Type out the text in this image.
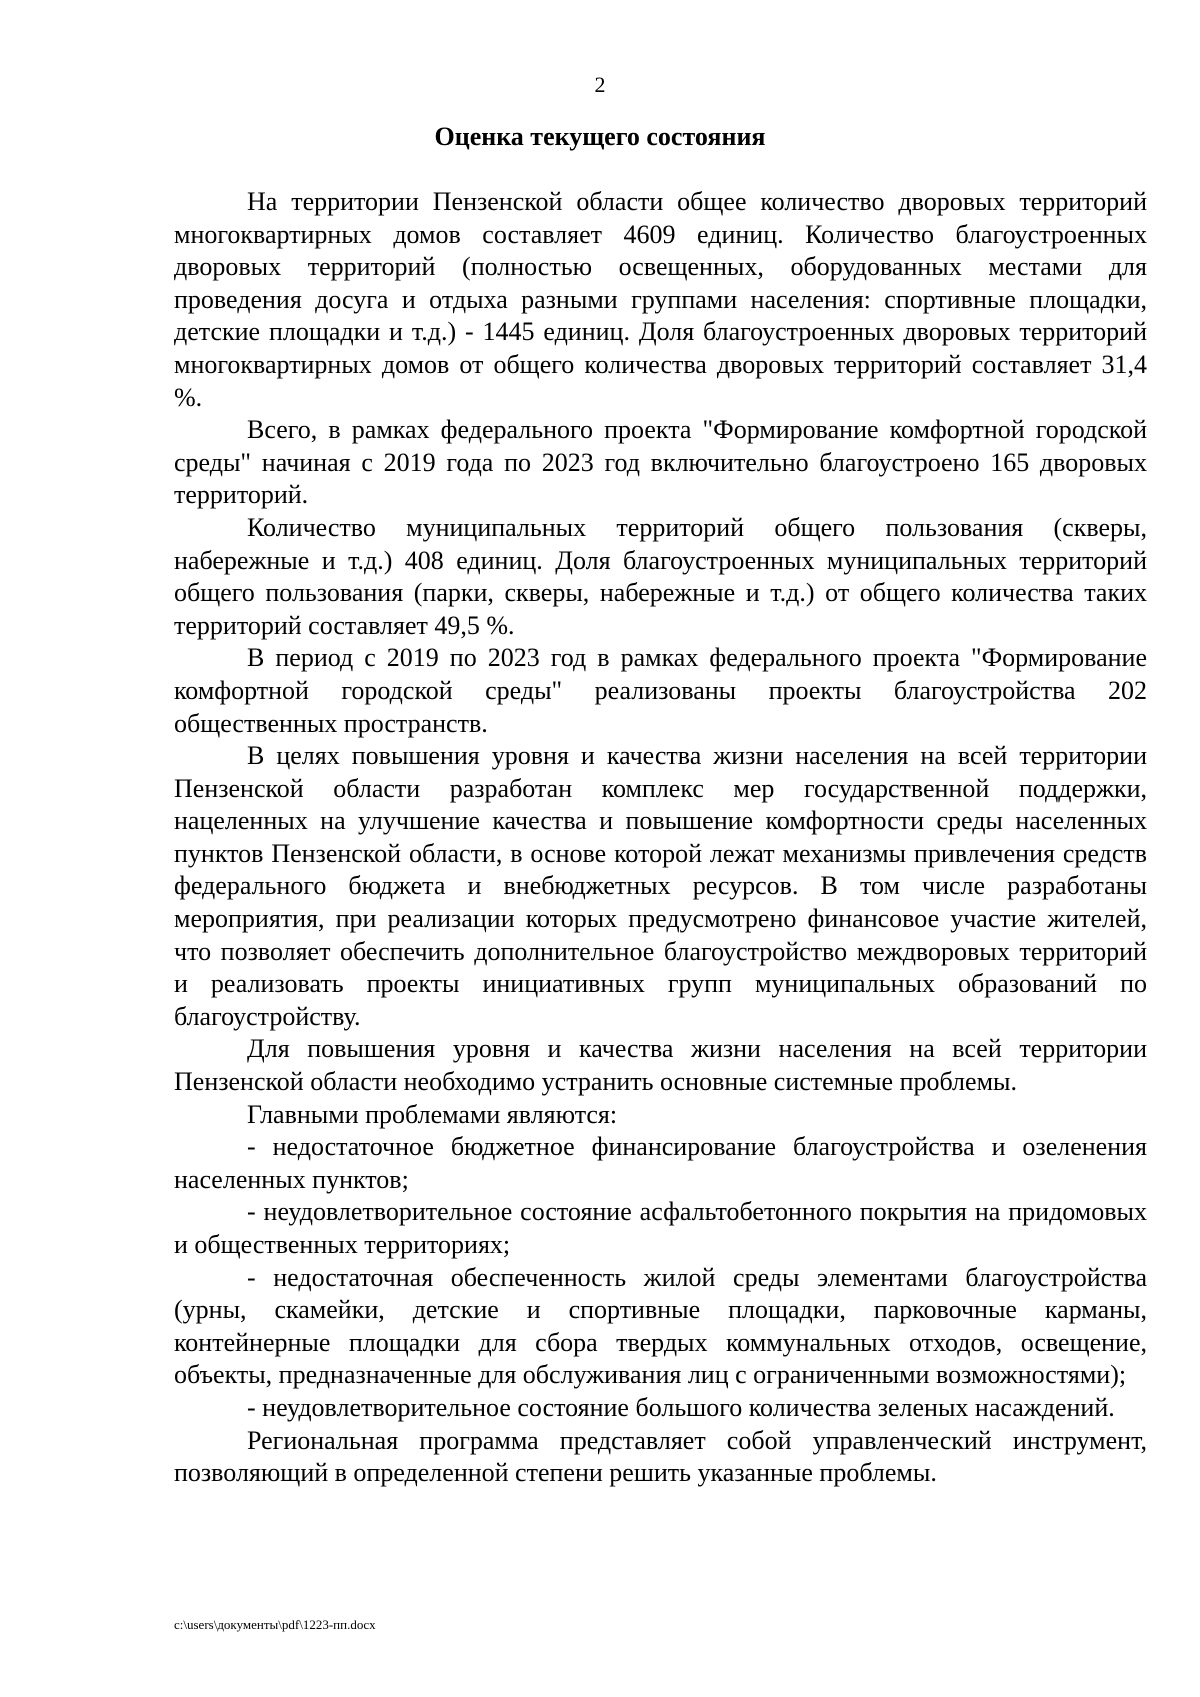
2
Оценка текущего состояния

На территории Пензенской области общее количество дворовых территорий многоквартирных домов составляет 4609 единиц. Количество благоустроенных дворовых территорий (полностью освещенных, оборудованных местами для проведения досуга и отдыха разными группами населения: спортивные площадки, детские площадки и т.д.) - 1445 единиц. Доля благоустроенных дворовых территорий многоквартирных домов от общего количества дворовых территорий составляет 31,4 %.

Всего, в рамках федерального проекта "Формирование комфортной городской среды" начиная с 2019 года по 2023 год включительно благоустроено 165 дворовых территорий.

Количество муниципальных территорий общего пользования (скверы, набережные и т.д.) 408 единиц. Доля благоустроенных муниципальных территорий общего пользования (парки, скверы, набережные и т.д.) от общего количества таких территорий составляет 49,5 %.

В период с 2019 по 2023 год в рамках федерального проекта "Формирование комфортной городской среды" реализованы проекты благоустройства 202 общественных пространств.

В целях повышения уровня и качества жизни населения на всей территории Пензенской области разработан комплекс мер государственной поддержки, нацеленных на улучшение качества и повышение комфортности среды населенных пунктов Пензенской области, в основе которой лежат механизмы привлечения средств федерального бюджета и внебюджетных ресурсов. В том числе разработаны мероприятия, при реализации которых предусмотрено финансовое участие жителей, что позволяет обеспечить дополнительное благоустройство междворовых территорий и реализовать проекты инициативных групп муниципальных образований по благоустройству.

Для повышения уровня и качества жизни населения на всей территории Пензенской области необходимо устранить основные системные проблемы.

Главными проблемами являются:

- недостаточное бюджетное финансирование благоустройства и озеленения населенных пунктов;

- неудовлетворительное состояние асфальтобетонного покрытия на придомовых и общественных территориях;

- недостаточная обеспеченность жилой среды элементами благоустройства (урны, скамейки, детские и спортивные площадки, парковочные карманы, контейнерные площадки для сбора твердых коммунальных отходов, освещение, объекты, предназначенные для обслуживания лиц с ограниченными возможностями);

- неудовлетворительное состояние большого количества зеленых насаждений.

Региональная программа представляет собой управленческий инструмент, позволяющий в определенной степени решить указанные проблемы.

c:\users\документы\pdf\1223-пп.docx
